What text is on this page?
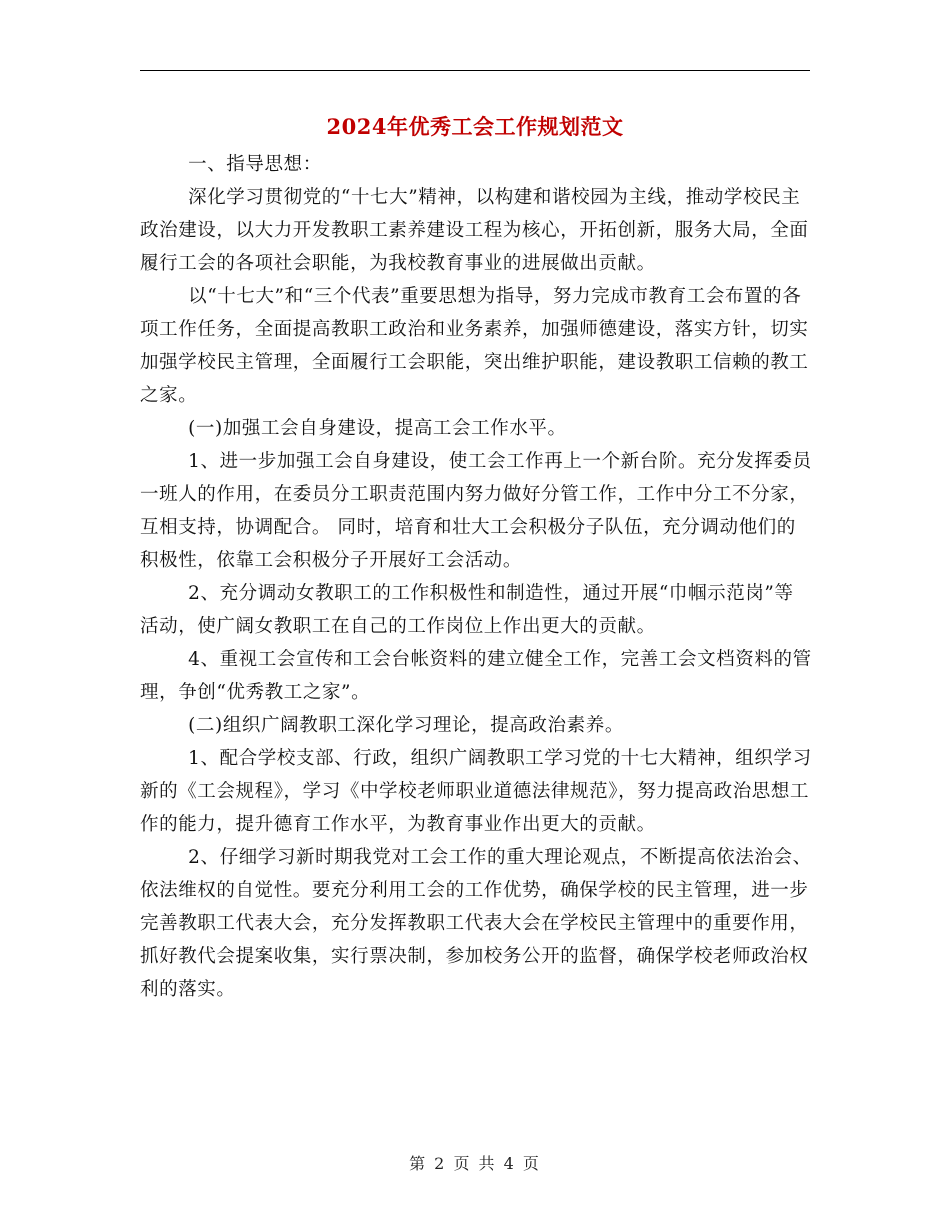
2024年优秀工会工作规划范文

一、指导思想：

深化学习贯彻党的“十七大”精神，以构建和谐校园为主线，推动学校民主政治建设，以大力开发教职工素养建设工程为核心，开拓创新，服务大局，全面履行工会的各项社会职能，为我校教育事业的进展做出贡献。

以“十七大”和“三个代表”重要思想为指导，努力完成市教育工会布置的各项工作任务，全面提高教职工政治和业务素养，加强师德建设，落实方针，切实加强学校民主管理，全面履行工会职能，突出维护职能，建设教职工信赖的教工之家。

(一)加强工会自身建设，提高工会工作水平。

1、进一步加强工会自身建设，使工会工作再上一个新台阶。充分发挥委员一班人的作用，在委员分工职责范围内努力做好分管工作，工作中分工不分家，互相支持，协调配合。 同时，培育和壮大工会积极分子队伍，充分调动他们的积极性，依靠工会积极分子开展好工会活动。

2、充分调动女教职工的工作积极性和制造性，通过开展“巾帼示范岗”等活动，使广阔女教职工在自己的工作岗位上作出更大的贡献。

4、重视工会宣传和工会台帐资料的建立健全工作，完善工会文档资料的管理，争创“优秀教工之家”。

(二)组织广阔教职工深化学习理论，提高政治素养。

1、配合学校支部、行政，组织广阔教职工学习党的十七大精神，组织学习新的《工会规程》，学习《中学校老师职业道德法律规范》，努力提高政治思想工作的能力，提升德育工作水平，为教育事业作出更大的贡献。

2、仔细学习新时期我党对工会工作的重大理论观点，不断提高依法治会、依法维权的自觉性。要充分利用工会的工作优势，确保学校的民主管理，进一步完善教职工代表大会，充分发挥教职工代表大会在学校民主管理中的重要作用，抓好教代会提案收集，实行票决制，参加校务公开的监督，确保学校老师政治权利的落实。

第 2 页 共 4 页
